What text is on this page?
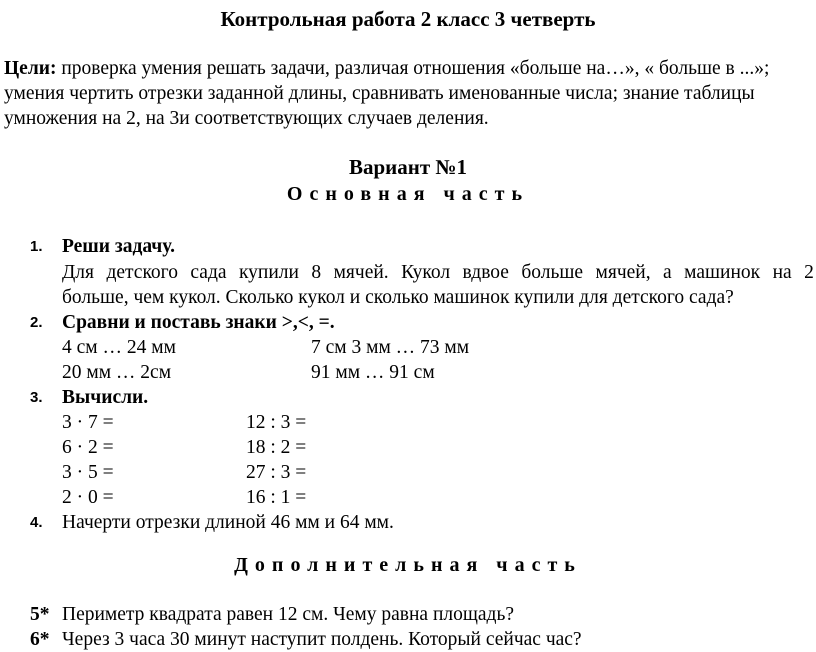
Контрольная работа 2 класс 3 четверть
Цели: проверка умения решать задачи, различая отношения «больше на…», « больше в ...»;
умения чертить отрезки заданной длины, сравнивать именованные числа; знание таблицы
умножения на 2, на 3и соответствующих случаев деления.
Вариант №1
Основная часть
1. Реши задачу.
Для детского сада купили 8 мячей. Кукол вдвое больше мячей, а машинок на 2
больше, чем кукол. Сколько кукол и сколько машинок купили для детского сада?
2. Сравни и поставь знаки >,<, =.
4 см … 24 мм	7 см 3 мм … 73 мм
20 мм … 2см	91 мм … 91 см
3. Вычисли.
3 · 7 =	12 : 3 =
6 · 2 =	18 : 2 =
3 · 5 =	27 : 3 =
2 · 0 =	16 : 1 =
4. Начерти отрезки длиной 46 мм и 64 мм.
Дополнительная часть
5* Периметр квадрата равен 12 см. Чему равна площадь?
6* Через 3 часа 30 минут наступит полдень. Который сейчас час?
